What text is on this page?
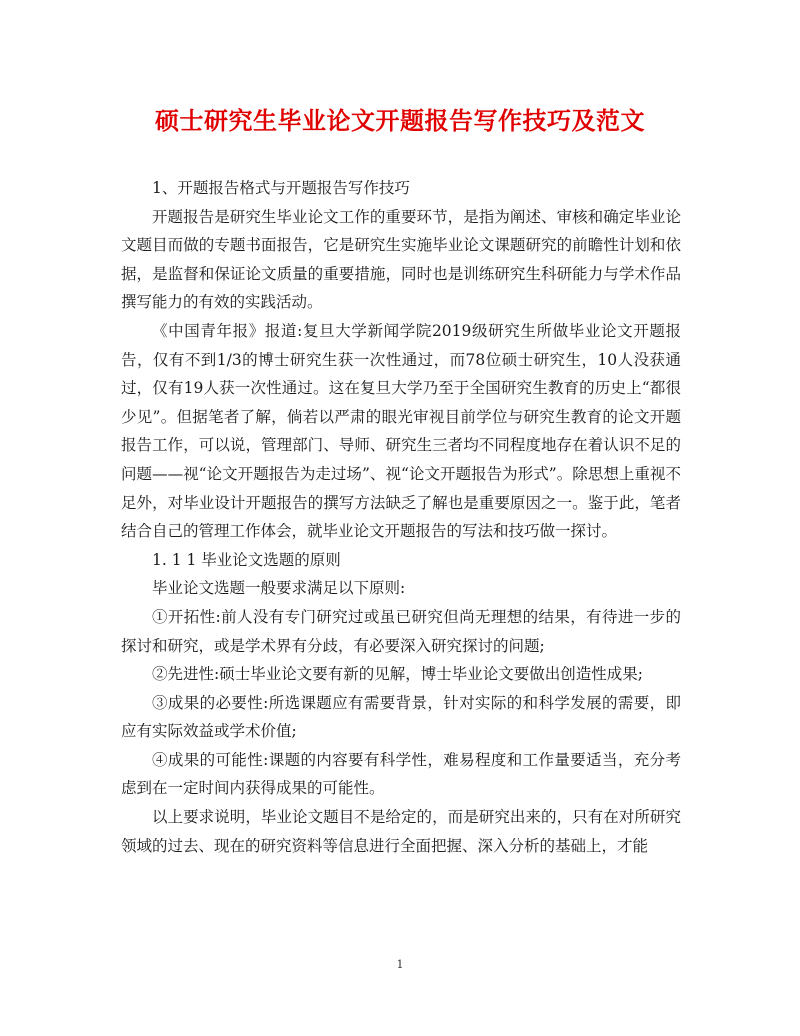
硕士研究生毕业论文开题报告写作技巧及范文

1、开题报告格式与开题报告写作技巧

开题报告是研究生毕业论文工作的重要环节，是指为阐述、审核和确定毕业论文题目而做的专题书面报告，它是研究生实施毕业论文课题研究的前瞻性计划和依据，是监督和保证论文质量的重要措施，同时也是训练研究生科研能力与学术作品撰写能力的有效的实践活动。

《中国青年报》报道:复旦大学新闻学院2019级研究生所做毕业论文开题报告，仅有不到1/3的博士研究生获一次性通过，而78位硕士研究生，10人没获通过，仅有19人获一次性通过。这在复旦大学乃至于全国研究生教育的历史上“都很少见”。但据笔者了解，倘若以严肃的眼光审视目前学位与研究生教育的论文开题报告工作，可以说，管理部门、导师、研究生三者均不同程度地存在着认识不足的问题——视“论文开题报告为走过场”、视“论文开题报告为形式”。除思想上重视不足外，对毕业设计开题报告的撰写方法缺乏了解也是重要原因之一。鉴于此，笔者结合自己的管理工作体会，就毕业论文开题报告的写法和技巧做一探讨。

1. 1 1 毕业论文选题的原则

毕业论文选题一般要求满足以下原则:

①开拓性:前人没有专门研究过或虽已研究但尚无理想的结果，有待进一步的探讨和研究，或是学术界有分歧，有必要深入研究探讨的问题;

②先进性:硕士毕业论文要有新的见解，博士毕业论文要做出创造性成果;

③成果的必要性:所选课题应有需要背景，针对实际的和科学发展的需要，即应有实际效益或学术价值;

④成果的可能性:课题的内容要有科学性，难易程度和工作量要适当，充分考虑到在一定时间内获得成果的可能性。

以上要求说明，毕业论文题目不是给定的，而是研究出来的，只有在对所研究领域的过去、现在的研究资料等信息进行全面把握、深入分析的基础上，才能

1
